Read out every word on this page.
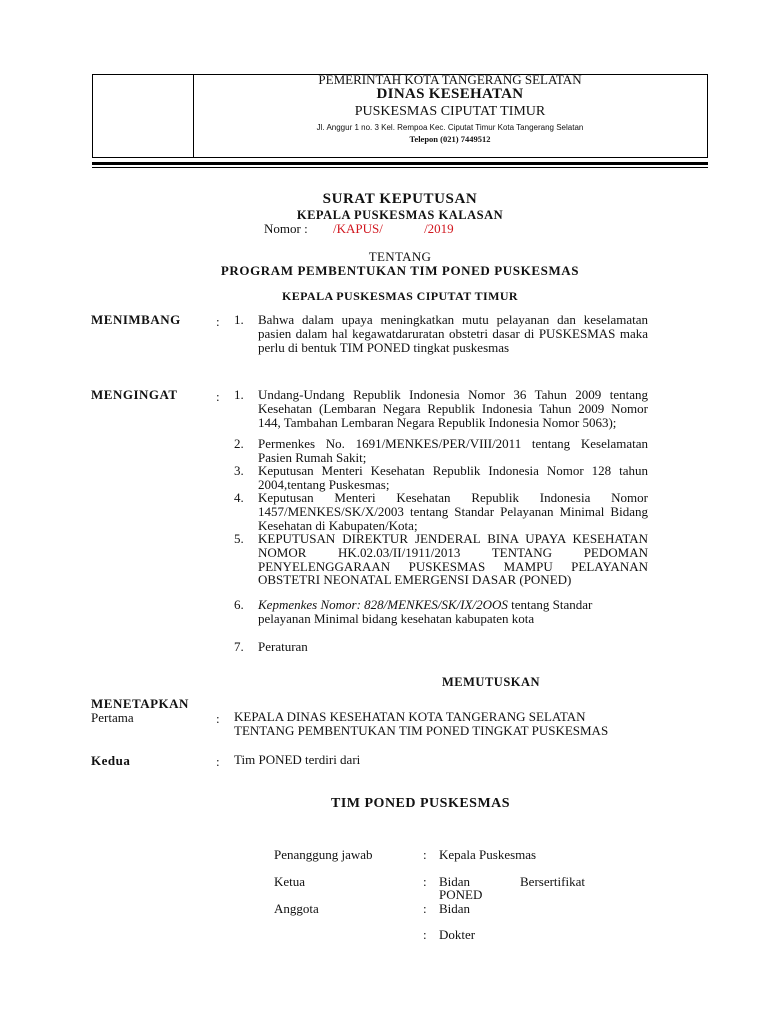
PEMERINTAH KOTA TANGERANG SELATAN
DINAS KESEHATAN
PUSKESMAS CIPUTAT TIMUR
Jl. Anggur 1 no. 3 Kel. Rempoa Kec. Ciputat Timur Kota Tangerang Selatan
Telepon (021) 7449512
SURAT KEPUTUSAN
KEPALA PUSKESMAS KALASAN
Nomor : /KAPUS/	/2019
TENTANG
PROGRAM PEMBENTUKAN TIM PONED PUSKESMAS
KEPALA PUSKESMAS CIPUTAT TIMUR
MENIMBANG	: 1. Bahwa dalam upaya meningkatkan mutu pelayanan dan keselamatan pasien dalam hal kegawatdaruratan obstetri dasar di PUSKESMAS maka perlu di bentuk TIM PONED tingkat puskesmas
MENGINGAT	: 1. Undang-Undang Republik Indonesia Nomor 36 Tahun 2009 tentang Kesehatan (Lembaran Negara Republik Indonesia Tahun 2009 Nomor 144, Tambahan Lembaran Negara Republik Indonesia Nomor 5063);
2. Permenkes No. 1691/MENKES/PER/VIII/2011 tentang Keselamatan Pasien Rumah Sakit;
3. Keputusan Menteri Kesehatan Republik Indonesia Nomor 128 tahun 2004,tentang Puskesmas;
4. Keputusan Menteri Kesehatan Republik Indonesia Nomor 1457/MENKES/SK/X/2003 tentang Standar Pelayanan Minimal Bidang Kesehatan di Kabupaten/Kota;
5. KEPUTUSAN DIREKTUR JENDERAL BINA UPAYA KESEHATAN NOMOR HK.02.03/II/1911/2013 TENTANG PEDOMAN PENYELENGGARAAN PUSKESMAS MAMPU PELAYANAN OBSTETRI NEONATAL EMERGENSI DASAR (PONED)
6. Kepmenkes Nomor: 828/MENKES/SK/IX/2OOS tentang Standar pelayanan Minimal bidang kesehatan kabupaten kota
7. Peraturan
MEMUTUSKAN
MENETAPKAN
Pertama	: KEPALA DINAS KESEHATAN KOTA TANGERANG SELATAN TENTANG PEMBENTUKAN TIM PONED TINGKAT PUSKESMAS
Kedua	: Tim PONED terdiri dari
TIM PONED PUSKESMAS
Penanggung jawab	: Kepala Puskesmas
Ketua	: Bidan	Bersertifikat
PONED
Anggota	: Bidan
: Dokter
